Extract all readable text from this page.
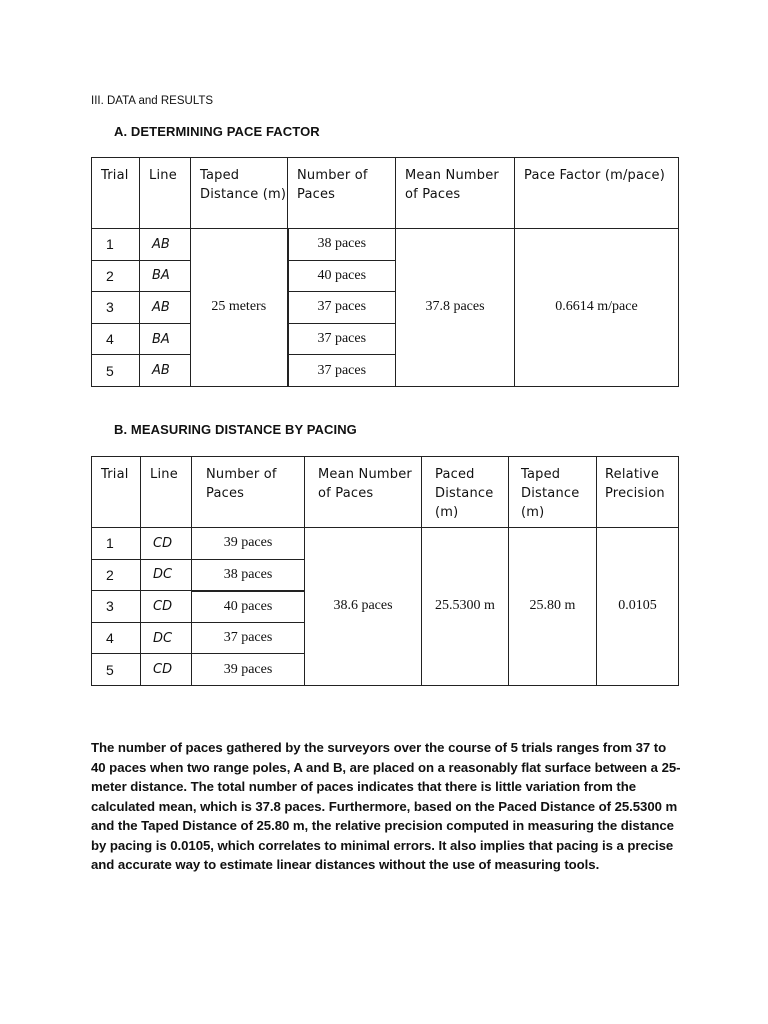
III. DATA and RESULTS
A. DETERMINING PACE FACTOR
Trial	Line	Taped Distance (m)	Number of Paces	Mean Number of Paces	Pace Factor (m/pace)
1	AB	25 meters	38 paces	37.8 paces	0.6614 m/pace
2	BA		40 paces		
3	AB		37 paces		
4	BA		37 paces		
5	AB		37 paces		
B. MEASURING DISTANCE BY PACING
Trial	Line	Number of Paces	Mean Number of Paces	Paced Distance (m)	Taped Distance (m)	Relative Precision
1	CD	39 paces	38.6 paces	25.5300 m	25.80 m	0.0105
2	DC	38 paces				
3	CD	40 paces				
4	DC	37 paces				
5	CD	39 paces				
The number of paces gathered by the surveyors over the course of 5 trials ranges from 37 to 40 paces when two range poles, A and B, are placed on a reasonably flat surface between a 25-meter distance. The total number of paces indicates that there is little variation from the calculated mean, which is 37.8 paces. Furthermore, based on the Paced Distance of 25.5300 m and the Taped Distance of 25.80 m, the relative precision computed in measuring the distance by pacing is 0.0105, which correlates to minimal errors. It also implies that pacing is a precise and accurate way to estimate linear distances without the use of measuring tools.
